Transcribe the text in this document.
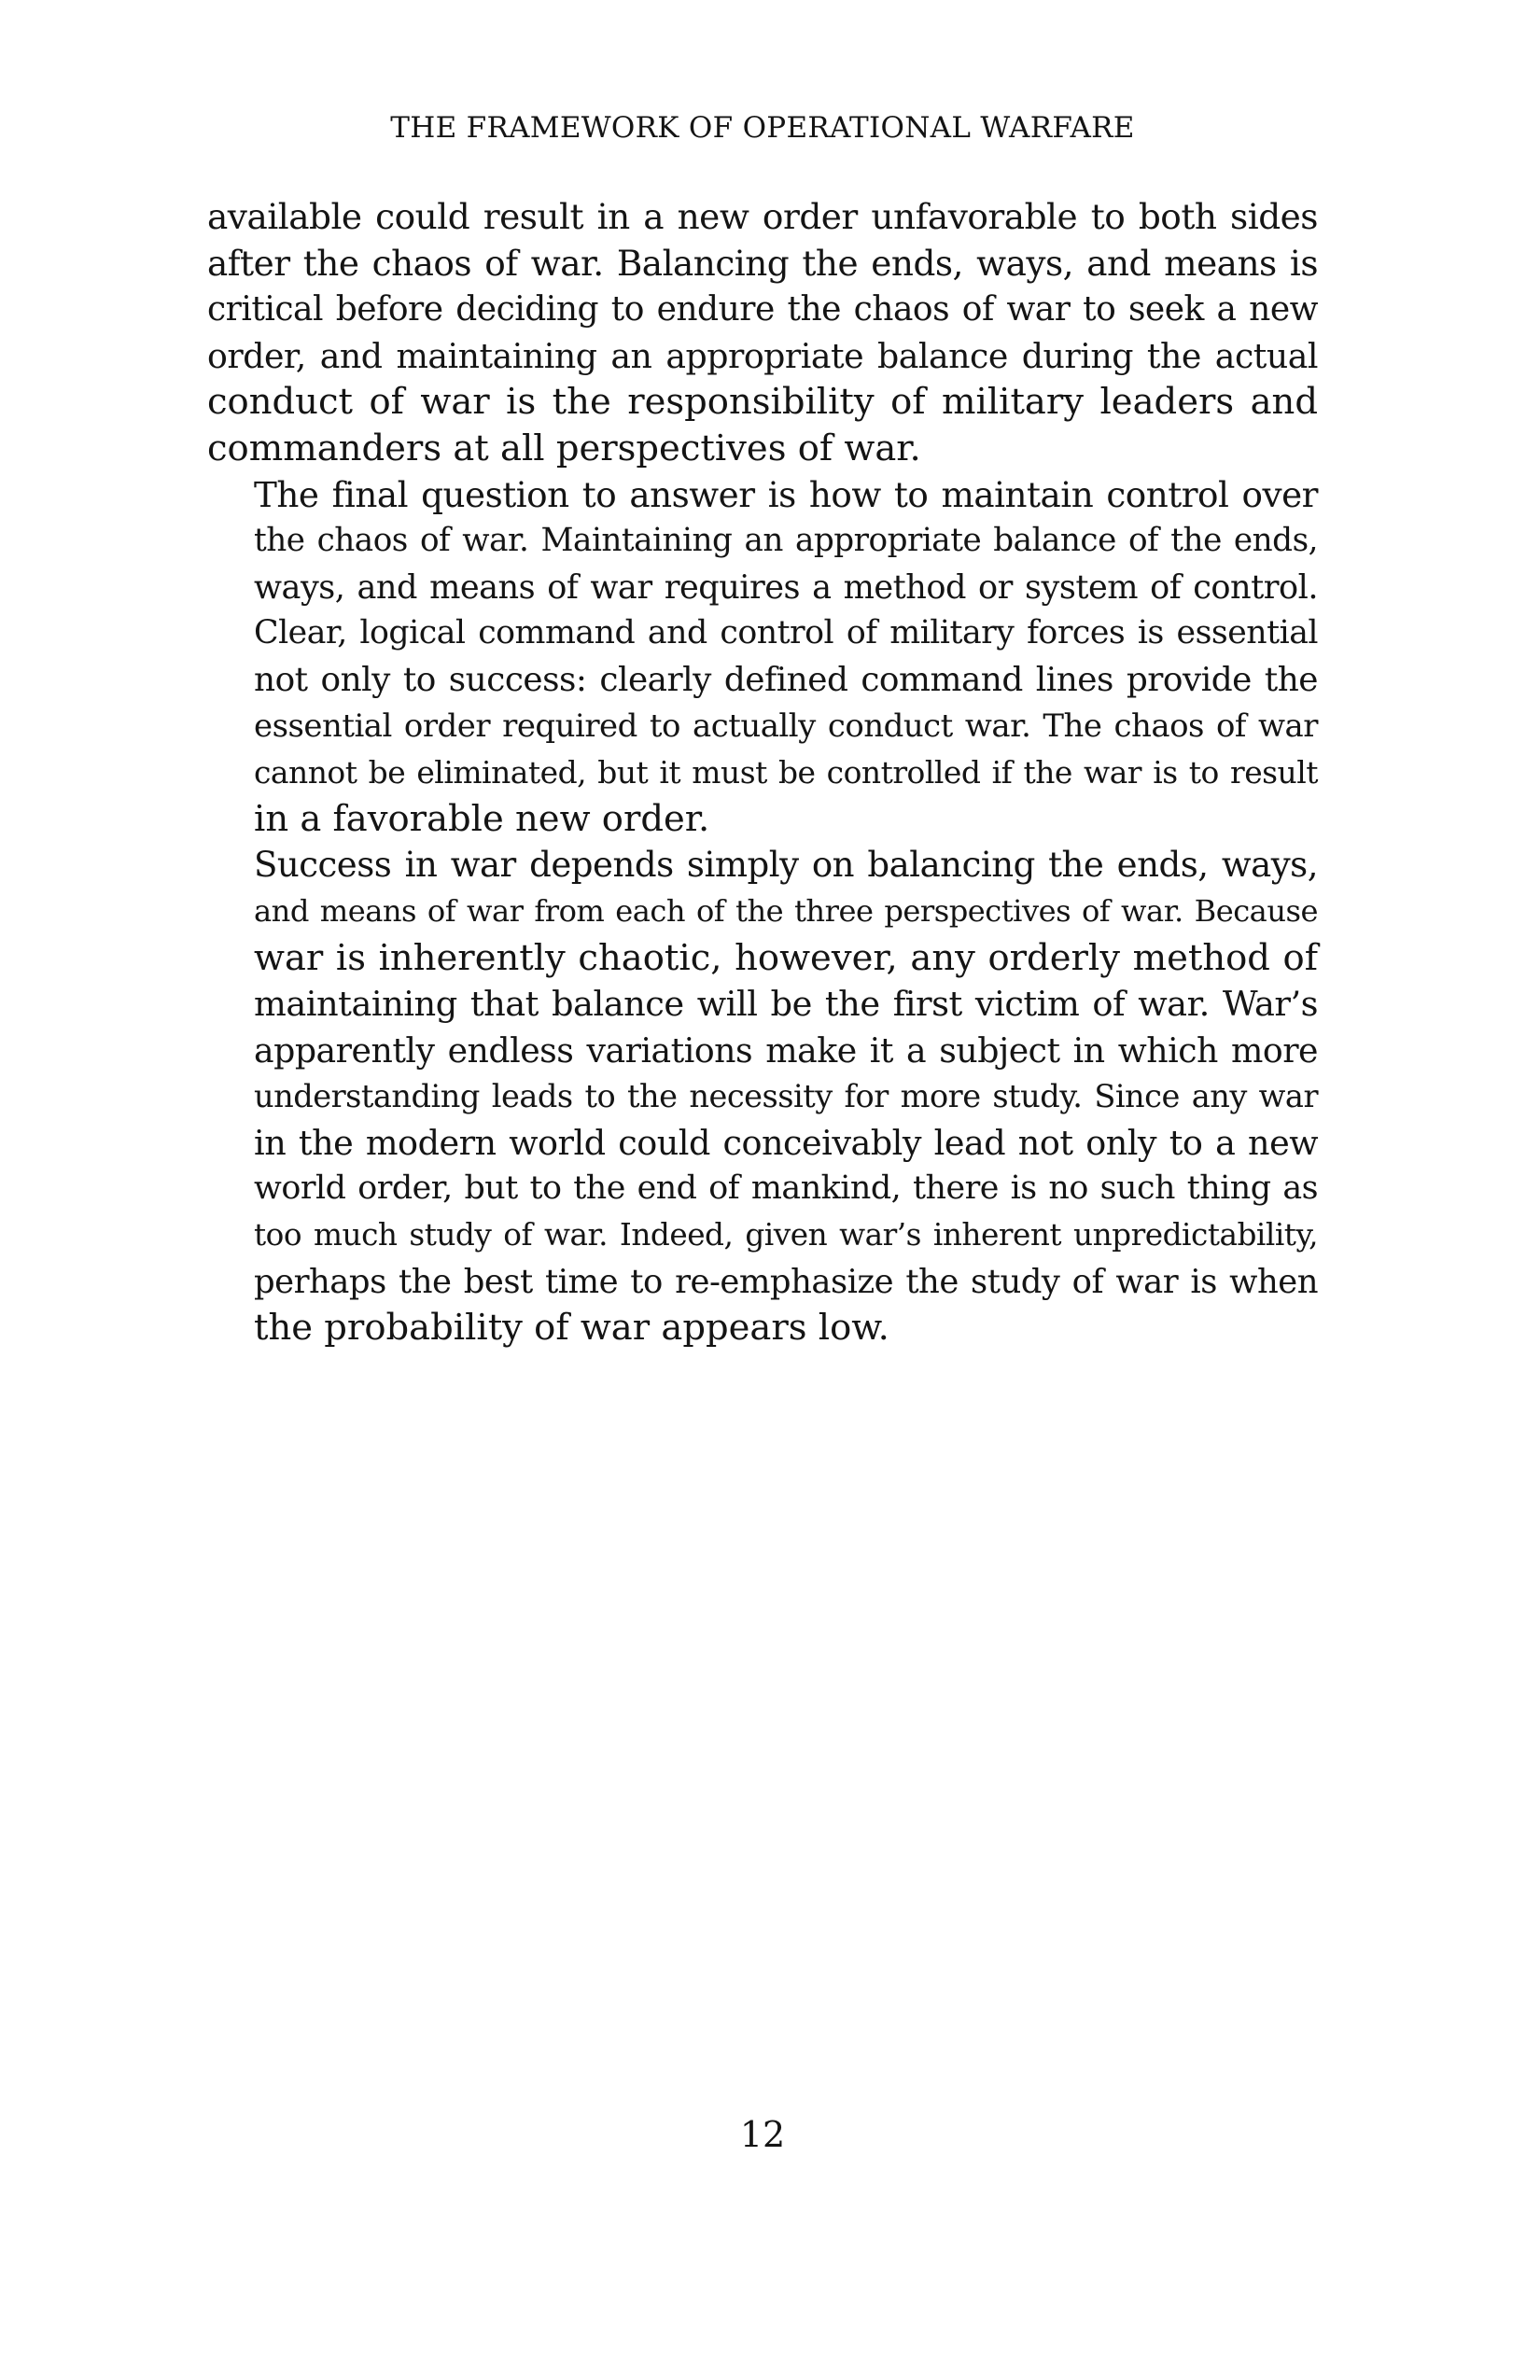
THE FRAMEWORK OF OPERATIONAL WARFARE

available could result in a new order unfavorable to both sides
after the chaos of war. Balancing the ends, ways, and means is
critical before deciding to endure the chaos of war to seek a new
order, and maintaining an appropriate balance during the actual
conduct of war is the responsibility of military leaders and
commanders at all perspectives of war.

The final question to answer is how to maintain control over
the chaos of war. Maintaining an appropriate balance of the ends,
ways, and means of war requires a method or system of control.
Clear, logical command and control of military forces is essential
not only to success: clearly defined command lines provide the
essential order required to actually conduct war. The chaos of war
cannot be eliminated, but it must be controlled if the war is to result
in a favorable new order.

Success in war depends simply on balancing the ends, ways,
and means of war from each of the three perspectives of war. Because
war is inherently chaotic, however, any orderly method of
maintaining that balance will be the first victim of war. War’s
apparently endless variations make it a subject in which more
understanding leads to the necessity for more study. Since any war
in the modern world could conceivably lead not only to a new
world order, but to the end of mankind, there is no such thing as
too much study of war. Indeed, given war’s inherent unpredictability,
perhaps the best time to re-emphasize the study of war is when
the probability of war appears low.

12
